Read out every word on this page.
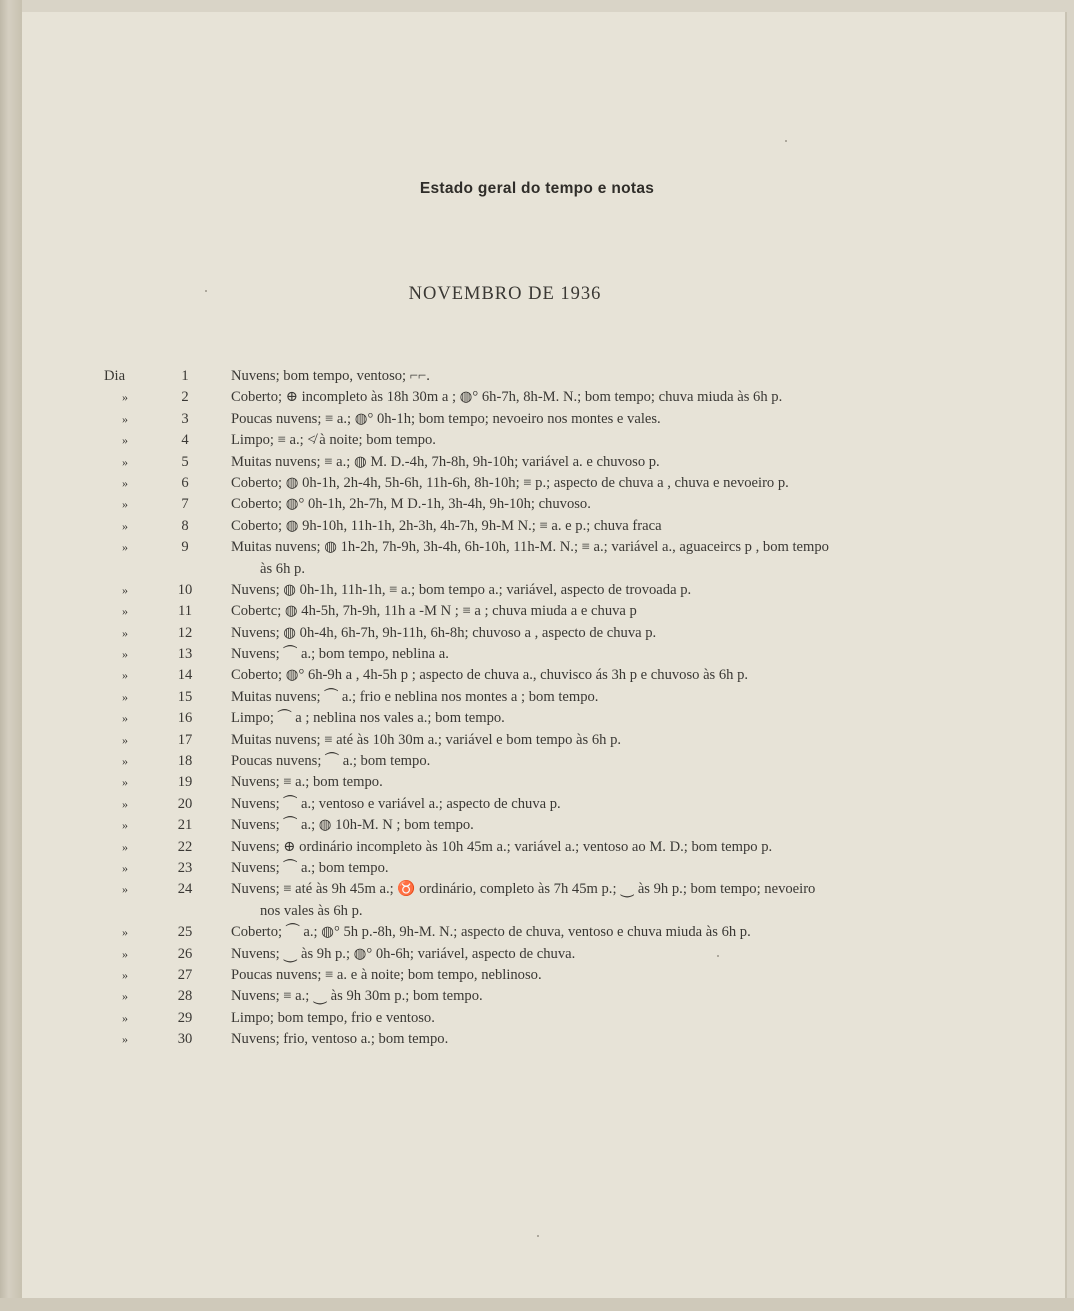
Estado geral do tempo e notas
NOVEMBRO DE 1936
Dia	1	Nuvens; bom tempo, ventoso; ⌐⌐.
»	2	Coberto; ⊕ incompleto às 18h 30m a ; ◍° 6h-7h, 8h-M. N.; bom tempo; chuva miuda às 6h p.
»	3	Poucas nuvens; ≡ a.; ◍° 0h-1h; bom tempo; nevoeiro nos montes e vales.
»	4	Limpo; ≡ a.; ≮ à noite; bom tempo.
»	5	Muitas nuvens; ≡ a.; ◍ M. D.-4h, 7h-8h, 9h-10h; variável a. e chuvoso p.
»	6	Coberto; ◍ 0h-1h, 2h-4h, 5h-6h, 11h-6h, 8h-10h; ≡ p.; aspecto de chuva a , chuva e nevoeiro p.
»	7	Coberto; ◍° 0h-1h, 2h-7h, M D.-1h, 3h-4h, 9h-10h; chuvoso.
»	8	Coberto; ◍ 9h-10h, 11h-1h, 2h-3h, 4h-7h, 9h-M N.; ≡ a. e p.; chuva fraca
»	9	Muitas nuvens; ◍ 1h-2h, 7h-9h, 3h-4h, 6h-10h, 11h-M. N.; ≡ a.; variável a., aguaceircs p , bom tempo
às 6h p.
»	10	Nuvens; ◍ 0h-1h, 11h-1h, ≡ a.; bom tempo a.; variável, aspecto de trovoada p.
»	11	Cobertc; ◍ 4h-5h, 7h-9h, 11h a -M N ; ≡ a ; chuva miuda a e chuva p
»	12	Nuvens; ◍ 0h-4h, 6h-7h, 9h-11h, 6h-8h; chuvoso a , aspecto de chuva p.
»	13	Nuvens; ⏜ a.; bom tempo, neblina a.
»	14	Coberto; ◍° 6h-9h a , 4h-5h p ; aspecto de chuva a., chuvisco ás 3h p e chuvoso às 6h p.
»	15	Muitas nuvens; ⏜ a.; frio e neblina nos montes a ; bom tempo.
»	16	Limpo; ⏜ a ; neblina nos vales a.; bom tempo.
»	17	Muitas nuvens; ≡ até às 10h 30m a.; variável e bom tempo às 6h p.
»	18	Poucas nuvens; ⏜ a.; bom tempo.
»	19	Nuvens; ≡ a.; bom tempo.
»	20	Nuvens; ⏜ a.; ventoso e variável a.; aspecto de chuva p.
»	21	Nuvens; ⏜ a.; ◍ 10h-M. N ; bom tempo.
»	22	Nuvens; ⊕ ordinário incompleto às 10h 45m a.; variável a.; ventoso ao M. D.; bom tempo p.
»	23	Nuvens; ⏜ a.; bom tempo.
»	24	Nuvens; ≡ até às 9h 45m a.; ♉ ordinário, completo às 7h 45m p.; ⏝ às 9h p.; bom tempo; nevoeiro
nos vales às 6h p.
»	25	Coberto; ⏜ a.; ◍° 5h p.-8h, 9h-M. N.; aspecto de chuva, ventoso e chuva miuda às 6h p.
»	26	Nuvens; ⏝ às 9h p.; ◍° 0h-6h; variável, aspecto de chuva.
»	27	Poucas nuvens; ≡ a. e à noite; bom tempo, neblinoso.
»	28	Nuvens; ≡ a.; ⏝ às 9h 30m p.; bom tempo.
»	29	Limpo; bom tempo, frio e ventoso.
»	30	Nuvens; frio, ventoso a.; bom tempo.
